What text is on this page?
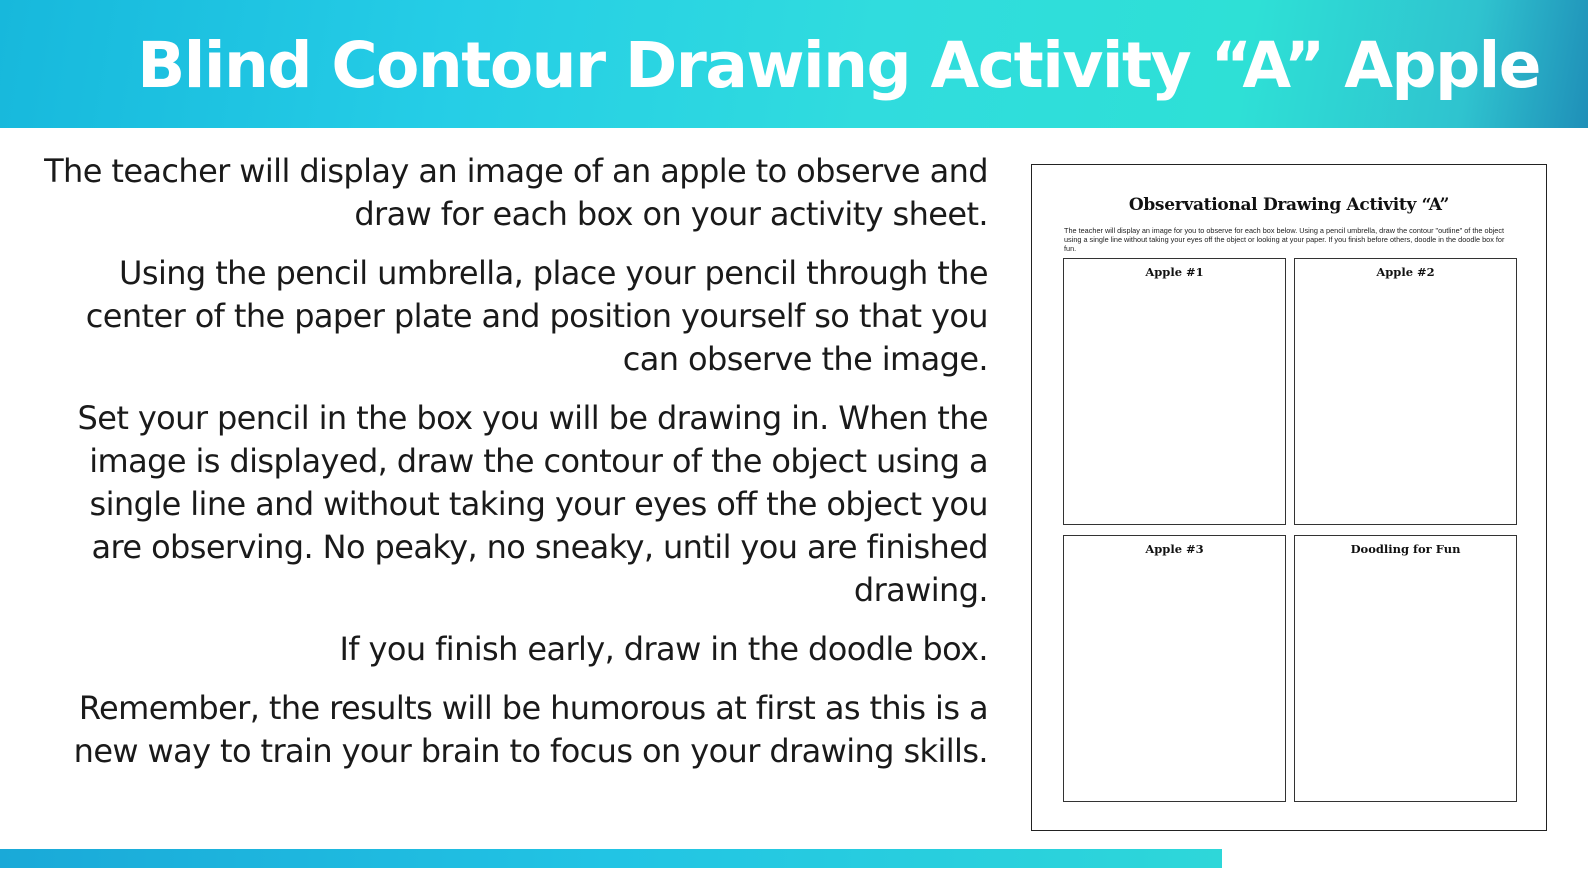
Blind Contour Drawing Activity “A” Apple

The teacher will display an image of an apple to observe and draw for each box on your activity sheet.

Using the pencil umbrella, place your pencil through the center of the paper plate and position yourself so that you can observe the image.

Set your pencil in the box you will be drawing in. When the image is displayed, draw the contour of the object using a single line and without taking your eyes off the object you are observing. No peaky, no sneaky, until you are finished drawing.

If you finish early, draw in the doodle box.

Remember, the results will be humorous at first as this is a new way to train your brain to focus on your drawing skills.

Observational Drawing Activity “A”
The teacher will display an image for you to observe for each box below. Using a pencil umbrella, draw the contour "outline" of the object using a single line without taking your eyes off the object or looking at your paper. If you finish before others, doodle in the doodle box for fun.
Apple #1	Apple #2
Apple #3	Doodling for Fun
